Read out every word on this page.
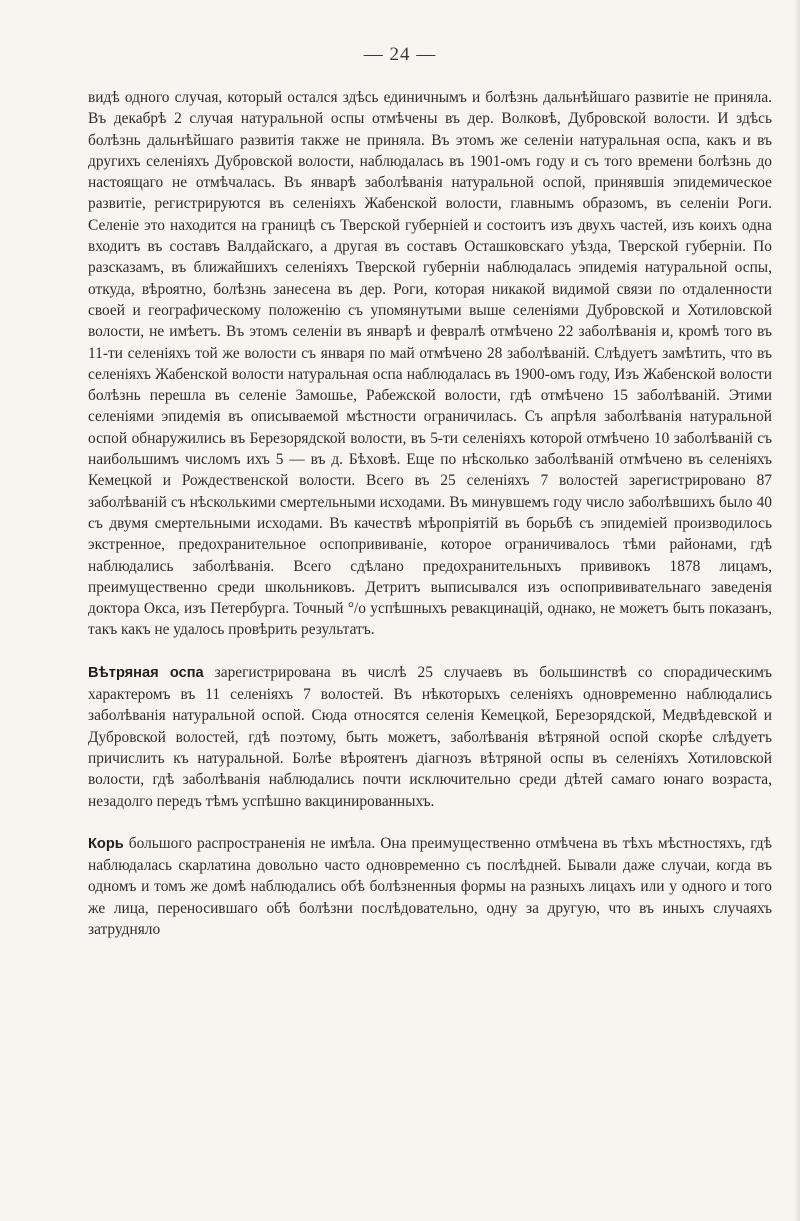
— 24 —

видѣ одного случая, который остался здѣсь единичнымъ и болѣзнь дальнѣйшаго развитіе не приняла. Въ декабрѣ 2 случая натуральной оспы отмѣчены въ дер. Волковѣ, Дубровской волости. И здѣсь болѣзнь дальнѣйшаго развитія также не приняла. Въ этомъ же селеніи натуральная оспа, какъ и въ другихъ селеніяхъ Дубровской волости, наблюдалась въ 1901-омъ году и съ того времени болѣзнь до настоящаго не отмѣчалась. Въ январѣ заболѣванія натуральной оспой, принявшія эпидемическое развитіе, регистрируются въ селеніяхъ Жабенской волости, главнымъ образомъ, въ селеніи Роги. Селеніе это находится на границѣ съ Тверской губерніей и состоитъ изъ двухъ частей, изъ коихъ одна входитъ въ составъ Валдайскаго, а другая въ составъ Осташковскаго уѣзда, Тверской губерніи. По разсказамъ, въ ближайшихъ селеніяхъ Тверской губерніи наблюдалась эпидемія натуральной оспы, откуда, вѣроятно, болѣзнь занесена въ дер. Роги, которая никакой видимой связи по отдаленности своей и географическому положенію съ упомянутыми выше селеніями Дубровской и Хотиловской волости, не имѣетъ. Въ этомъ селеніи въ январѣ и февралѣ отмѣчено 22 заболѣванія и, кромѣ того въ 11-ти селеніяхъ той же волости съ января по май отмѣчено 28 заболѣваній. Слѣдуетъ замѣтить, что въ селеніяхъ Жабенской волости натуральная оспа наблюдалась въ 1900-омъ году, Изъ Жабенской волости болѣзнь перешла въ селеніе Замошье, Рабежской волости, гдѣ отмѣчено 15 заболѣваній. Этими селеніями эпидемія въ описываемой мѣстности ограничилась. Съ апрѣля заболѣванія натуральной оспой обнаружились въ Березорядской волости, въ 5-ти селеніяхъ которой отмѣчено 10 заболѣваній съ наибольшимъ числомъ ихъ 5 — въ д. Бѣховѣ. Еще по нѣсколько заболѣваній отмѣчено въ селеніяхъ Кемецкой и Рождественской волости. Всего въ 25 селеніяхъ 7 волостей зарегистрировано 87 заболѣваній съ нѣсколькими смертельными исходами. Въ минувшемъ году число заболѣвшихъ было 40 съ двумя смертельными исходами. Въ качествѣ мѣропріятій въ борьбѣ съ эпидеміей производилось экстренное, предохранительное оспопрививаніе, которое ограничивалось тѣми районами, гдѣ наблюдались заболѣванія. Всего сдѣлано предохранительныхъ прививокъ 1878 лицамъ, преимущественно среди школьниковъ. Детритъ выписывался изъ оспопрививательнаго заведенія доктора Окса, изъ Петербурга. Точный °/о успѣшныхъ ревакцинацій, однако, не можетъ быть показанъ, такъ какъ не удалось провѣрить результатъ.

Вѣтряная оспа зарегистрирована въ числѣ 25 случаевъ въ большинствѣ со спорадическимъ характеромъ въ 11 селеніяхъ 7 волостей. Въ нѣкоторыхъ селеніяхъ одновременно наблюдались заболѣванія натуральной оспой. Сюда относятся селенія Кемецкой, Березорядской, Медвѣдевской и Дубровской волостей, гдѣ поэтому, быть можетъ, заболѣванія вѣтряной оспой скорѣе слѣдуетъ причислить къ натуральной. Болѣе вѣроятенъ діагнозъ вѣтряной оспы въ селеніяхъ Хотиловской волости, гдѣ заболѣванія наблюдались почти исключительно среди дѣтей самаго юнаго возраста, незадолго передъ тѣмъ успѣшно вакцинированныхъ.

Корь большого распространенія не имѣла. Она преимущественно отмѣчена въ тѣхъ мѣстностяхъ, гдѣ наблюдалась скарлатина довольно часто одновременно съ послѣдней. Бывали даже случаи, когда въ одномъ и томъ же домѣ наблюдались обѣ болѣзненныя формы на разныхъ лицахъ или у одного и того же лица, переносившаго обѣ болѣзни послѣдовательно, одну за другую, что въ иныхъ случаяхъ затрудняло
